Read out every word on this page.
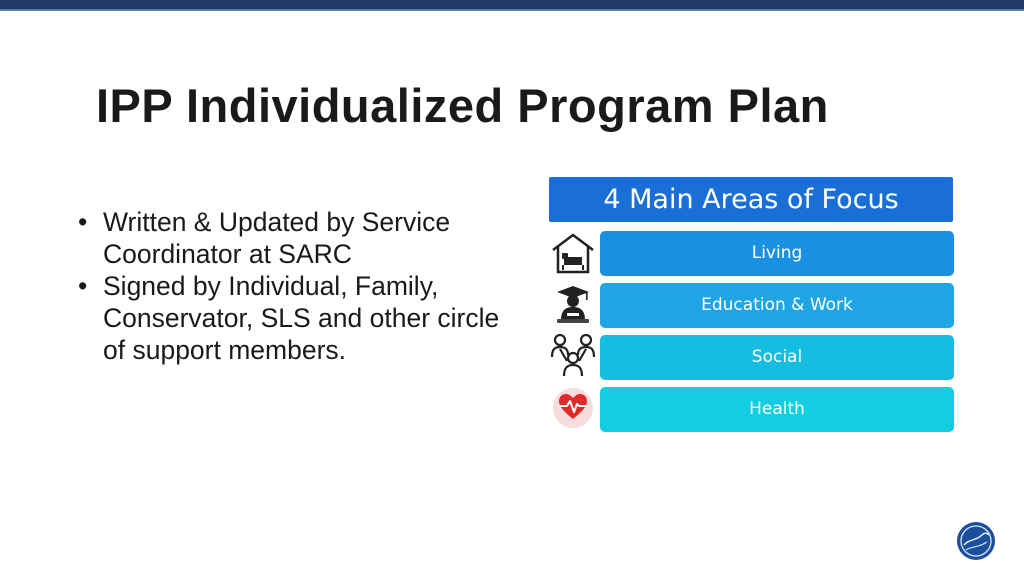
IPP Individualized Program Plan
• Written & Updated by Service Coordinator at SARC
• Signed by Individual, Family, Conservator, SLS and other circle of support members.
4 Main Areas of Focus
Living
Education & Work
Social
Health
